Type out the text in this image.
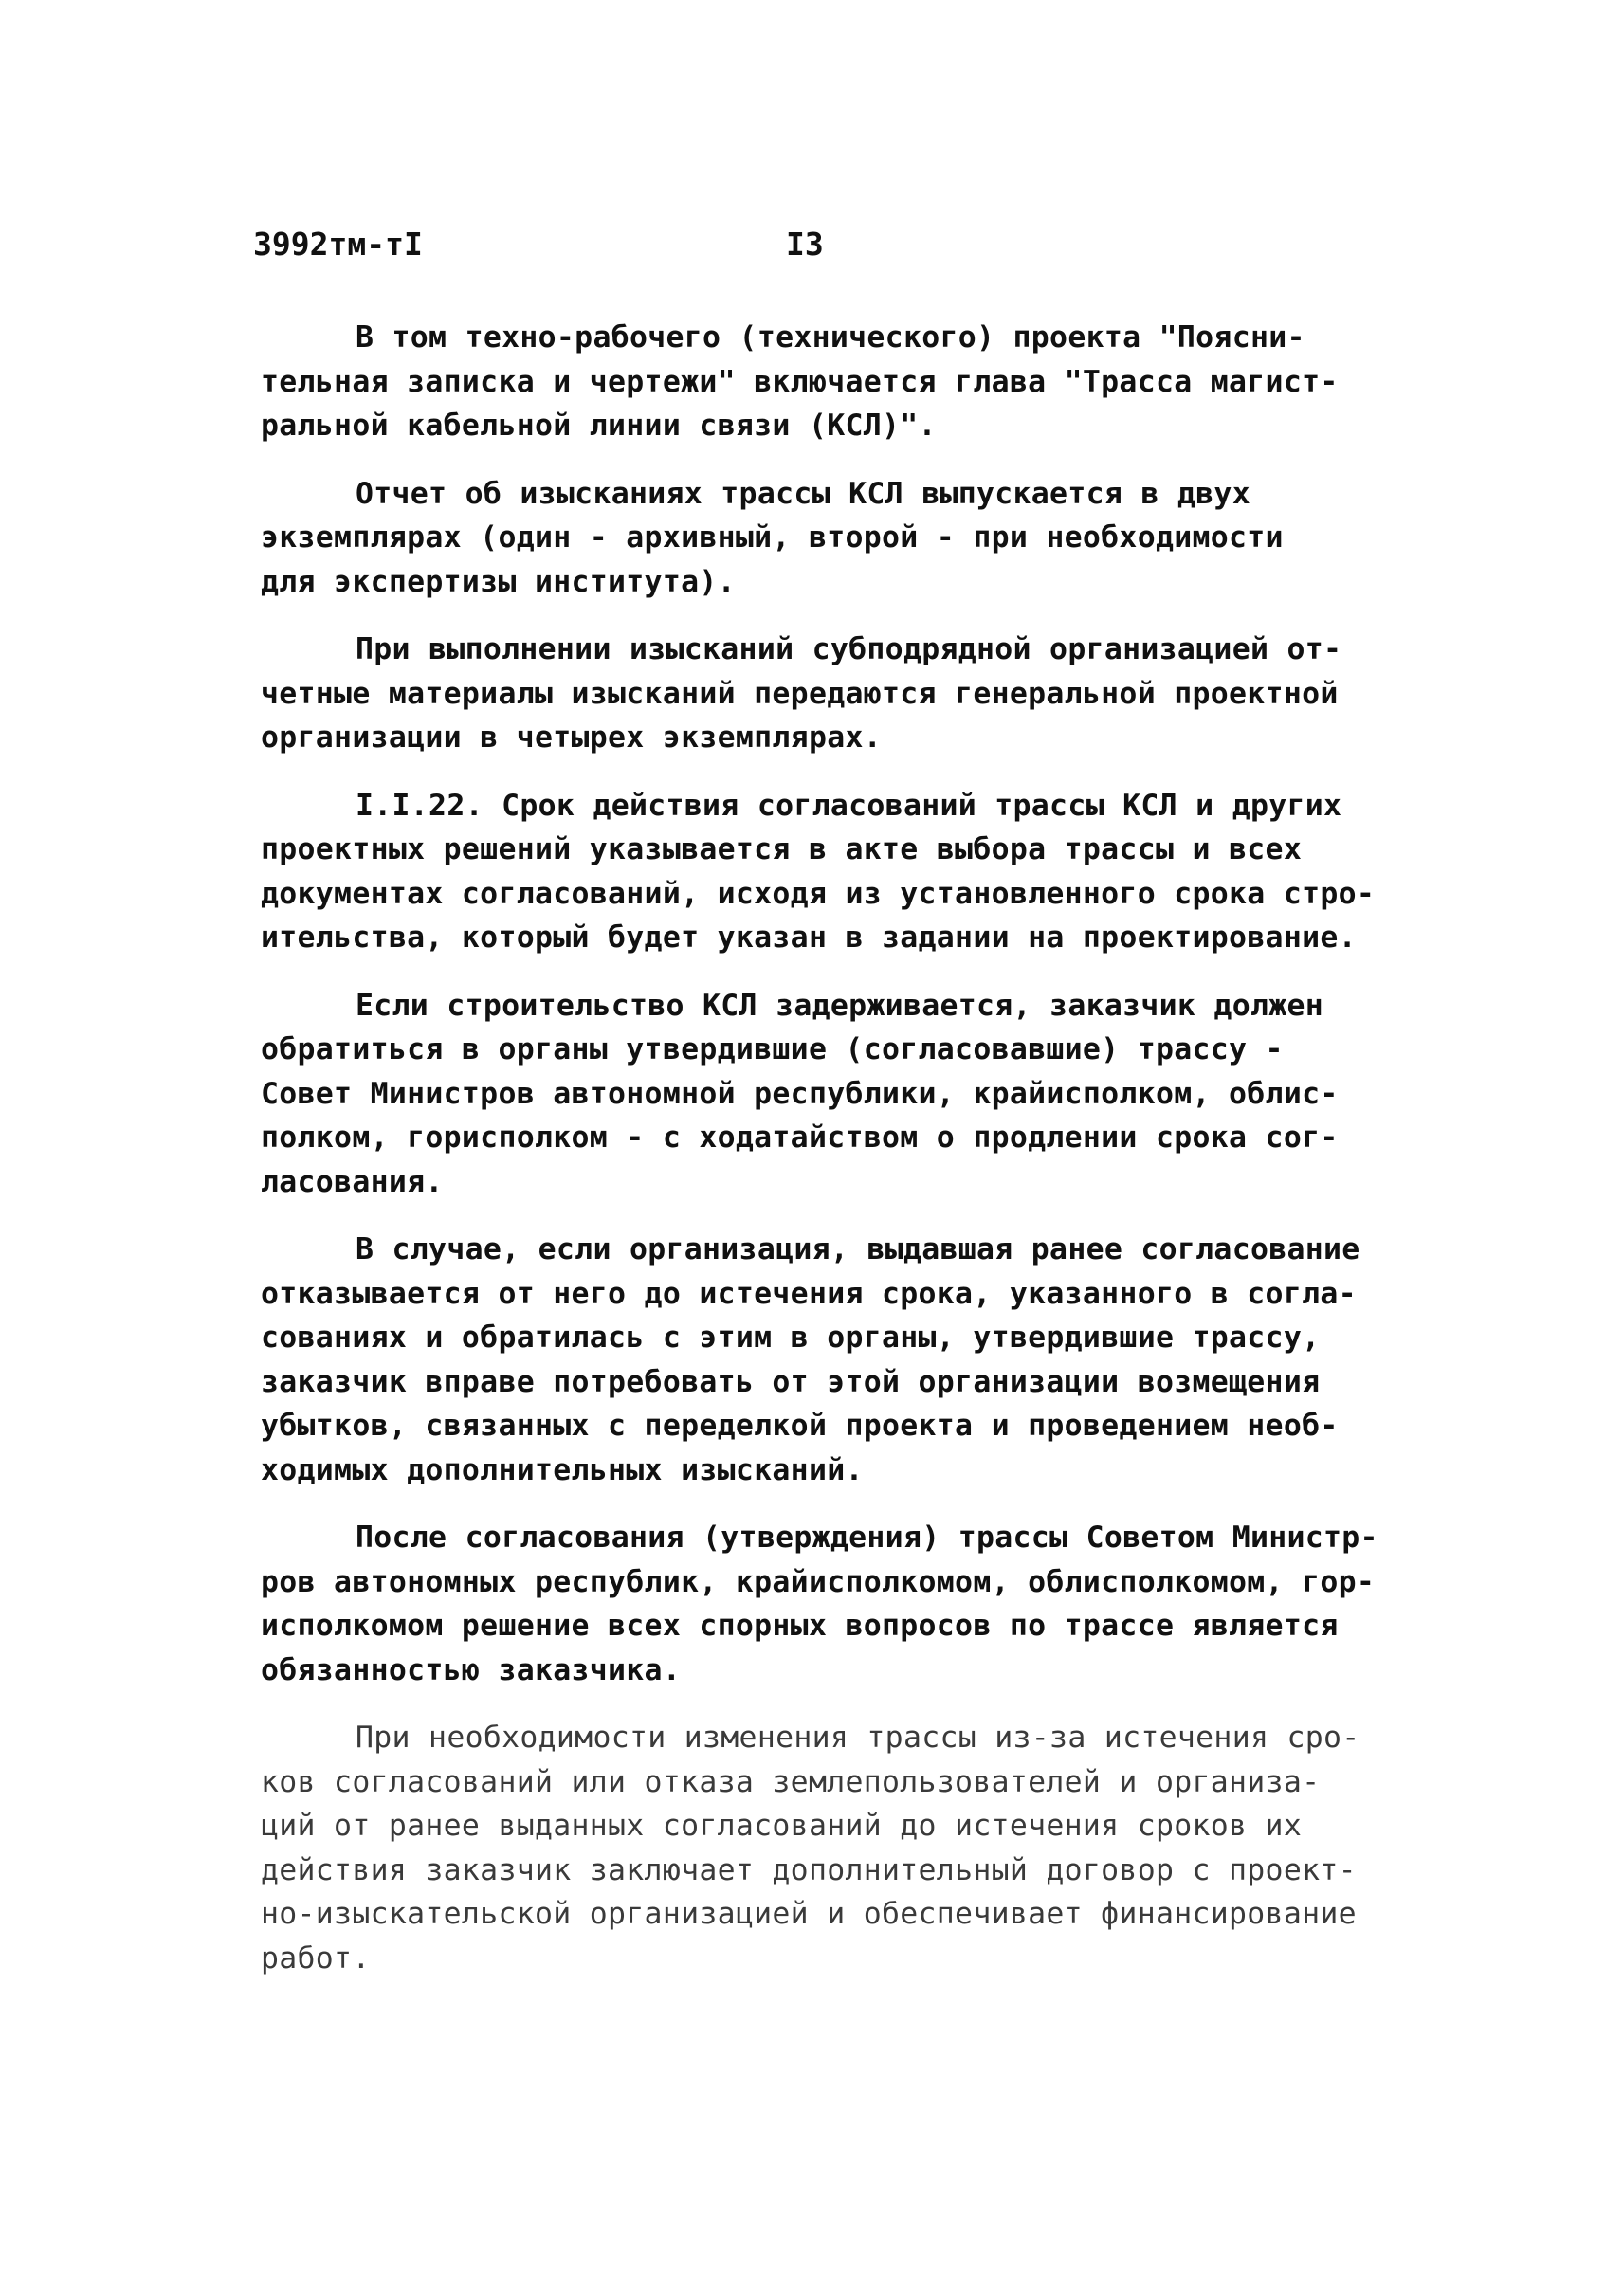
3992тм-тI	I3
В том техно-рабочего (технического) проекта "Поясни-
тельная записка и чертежи" включается глава "Трасса магист-
ральной кабельной линии связи (КСЛ)".
Отчет об изысканиях трассы КСЛ выпускается в двух
экземплярах (один - архивный, второй - при необходимости
для экспертизы института).
При выполнении изысканий субподрядной организацией от-
четные материалы изысканий передаются генеральной проектной
организации в четырех экземплярах.
I.I.22. Срок действия согласований трассы КСЛ и других
проектных решений указывается в акте выбора трассы и всех
документах согласований, исходя из установленного срока стро-
ительства, который будет указан в задании на проектирование.
Если строительство КСЛ задерживается, заказчик должен
обратиться в органы утвердившие (согласовавшие) трассу -
Совет Министров автономной республики, крайисполком, облис-
полком, горисполком - с ходатайством о продлении срока сог-
ласования.
В случае, если организация, выдавшая ранее согласование
отказывается от него до истечения срока, указанного в согла-
сованиях и обратилась с этим в органы, утвердившие трассу,
заказчик вправе потребовать от этой организации возмещения
убытков, связанных с переделкой проекта и проведением необ-
ходимых дополнительных изысканий.
После согласования (утверждения) трассы Советом Министр-
ров автономных республик, крайисполкомом, облисполкомом, гор-
исполкомом решение всех спорных вопросов по трассе является
обязанностью заказчика.
При необходимости изменения трассы из-за истечения сро-
ков согласований или отказа землепользователей и организа-
ций от ранее выданных согласований до истечения сроков их
действия заказчик заключает дополнительный договор с проект-
но-изыскательской организацией и обеспечивает финансирование
работ.
